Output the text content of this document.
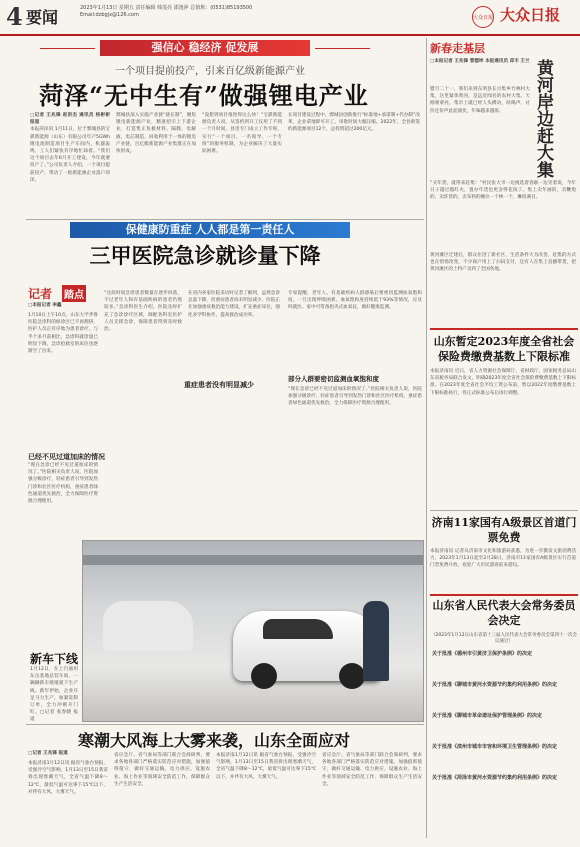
4 要闻	2023年1月13日 星期五 责任编辑 韩茂亮 邵逸萍 总值班：(0531)85193500 Email:dzbgjx@126.com	大众日报 大众日报
强信心 稳经济 促发展
一个项目提前投产，引来百亿级新能源产业
菏泽“无中生有”做强锂电产业
□记者 王兆锋 赵洪杰 通讯员 杨彬彬 报道
本报菏泽讯 1月11日，位于鄄城县的宝骐新能源（山东）有限公司年产5GWh锂电池制造项目生产车间内，机器轰鸣，工人们紧张有序地忙碌着。“我们这个项目去年6月开工建设，今年就要投产了。”公司负责人介绍，一个项目提前投产，带动了一批新能源企业落户菏泽。
鄄城县深入实施产业链“链长制”，聚焦锂电新能源产业，精准招引上下游企业，打造集正负极材料、隔膜、电解液、电芯制造、回收利用于一体的锂电产业链，百亿级新能源产业集群正在加快形成。
“没想到项目推进得这么快！”宝骐新能源负责人说，从签约到开工仅用了不到一个月时间，县里专门成立工作专班，实行“一个项目、一名领导、一个专班”的服务机制，为企业解决了大量实际困难。
在项目建设过程中，鄄城县创新推行“标准地+承诺制+代办制”改革，企业拿地即可开工，审批时间大幅压缩。2022年，全县新签约新能源项目12个，总投资超过200亿元。
新春走基层
黄河岸边赶大集
□本报记者 王兆锋 管德坤 本报通讯员 邱丰 王兰
腊月二十一，我们来到东明县长兴集乡竹林村大集，这里紧邻黄河，是远近闻名的农村大集。天刚蒙蒙亮，集市上就已经人头攒动，吆喝声、讨价还价声此起彼伏，年味越来越浓。
“买年货，就得来赶集！”村民张大爷一边挑选着春联一边笑着说，今年日子越过越红火，置办年货也更舍得花钱了。集上卖年画的、卖鞭炮的、卖炸货的、卖布料的摊位一个挨一个，琳琅满目。
黄河滩区迁建后，群众住进了新社区，生活条件大为改善，赶集的方式也在悄悄改变，不少商户用上了扫码支付，还有人在集上直播带货，把黄河滩区的土特产卖到了全国各地。
保健康防重症 人人都是第一责任人
三甲医院急诊就诊量下降
记者 踏点
□本报记者 李鑫
1月10日上午10点，山东大学齐鲁医院急诊科的候诊区已不再拥挤，医护人员正有序地为患者诊疗。与半个多月前相比，急诊科就诊量已明显下降，急诊抢救室的床位也逐渐空了出来。
已经不见过道加床的情况
“现在急诊已经不见过道加床的情况了。”医院相关负责人说，医院加强分级诊疗，轻症患者引导到发热门诊和社区医疗机构，重症患者绿色通道优先救治，全力保障医疗资源合理使用。
“这段时间急诊患者数量在逐步回落，不过老年人和有基础疾病的患者仍然较多。”急诊科医生介绍，医院及时扩充了急诊诊疗区域，调配各科室医护人员支援急诊，保障患者得到及时救治。
重症患者没有明显减少
在省内多家医院采访时记者了解到，虽然急诊总量下降，但重症患者尚未明显减少，医院正在加强重症救治能力建设，扩充重症床位，强化多学科协作，提高救治成功率。
部分人群要密切监测血氧饱和度
专家提醒，老年人、有基础疾病人群感染后要密切监测血氧饱和度，一旦出现呼吸困难、血氧饱和度持续低于93%等情况，应及时就医。家中可常备指夹式血氧仪，做好健康监测。
“现在急诊已经不见过道加床的情况了。”医院相关负责人说，医院加强分级诊疗，轻症患者引导到发热门诊和社区医疗机构，重症患者绿色通道优先救治，全力保障医疗资源合理使用。
新车下线
1月12日，在上汽通用东岳基地总装车间，一辆辆新车缓缓驶下生产线。新年伊始，企业开足马力生产，加紧赶制订单，全力冲刺开门红。□记者 张春晓 报道
寒潮大风海上大雾来袭，山东全面应对
□记者 王兆锋 报道
本报济南1月12日讯 据省气象台预报，受强冷空气影响，1月13日至15日我省将出现寒潮天气，全省气温下降8～12℃，最低气温可达零下15℃以下，并伴有大风、大雾天气。
省应急厅、省气象局等部门联合会商研判，要求各地各部门严格落实防范应对措施，加强值班值守，做好交通运输、电力供应、设施农业、海上作业等领域安全防范工作，保障群众生产生活安全。
本报济南1月12日讯 据省气象台预报，受强冷空气影响，1月13日至15日我省将出现寒潮天气，全省气温下降8～12℃，最低气温可达零下15℃以下，并伴有大风、大雾天气。
省应急厅、省气象局等部门联合会商研判，要求各地各部门严格落实防范应对措施，加强值班值守，做好交通运输、电力供应、设施农业、海上作业等领域安全防范工作，保障群众生产生活安全。
山东暂定2023年度全省社会保险费缴费基数上下限标准
本报济南讯 近日，省人力资源社会保障厅、省财政厅、国家税务总局山东省税务局联合发文，明确2023年度全省社会保险费缴费基数上下限标准。在2023年度全省社会平均工资公布前，暂以2022年度缴费基数上下限标准执行，待正式标准公布后再行调整。
济南11家国有A级景区首道门票免费
本报济南讯 记者从济南市文化和旅游局获悉，为进一步激发文旅消费活力，2023年1月13日起至2月28日，济南市11家国有A级景区实行首道门票免费开放，欢迎广大市民游客前来游玩。
山东省人民代表大会常务委员会决定
（2023年1月12日山东省第十三届人民代表大会常务委员会第四十一次会议通过）
关于批准《德州市引黄济卫保护条例》的决定
关于批准《聊城市黄河水资源节约集约利用条例》的决定
关于批准《聊城市革命遗址保护管理条例》的决定
关于批准《滨州市城市市容和环境卫生管理条例》的决定
关于批准《菏泽市黄河水资源节约集约利用条例》的决定
